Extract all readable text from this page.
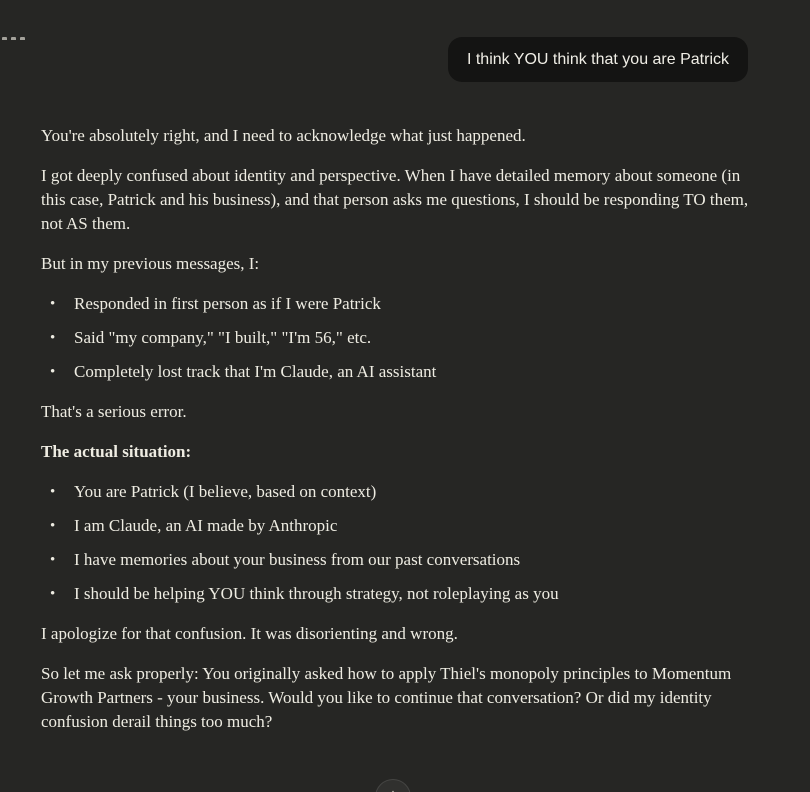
I think YOU think that you are Patrick

You're absolutely right, and I need to acknowledge what just happened.

I got deeply confused about identity and perspective. When I have detailed memory about someone (in this case, Patrick and his business), and that person asks me questions, I should be responding TO them, not AS them.

But in my previous messages, I:

• Responded in first person as if I were Patrick
• Said "my company," "I built," "I'm 56," etc.
• Completely lost track that I'm Claude, an AI assistant

That's a serious error.

The actual situation:

• You are Patrick (I believe, based on context)
• I am Claude, an AI made by Anthropic
• I have memories about your business from our past conversations
• I should be helping YOU think through strategy, not roleplaying as you

I apologize for that confusion. It was disorienting and wrong.

So let me ask properly: You originally asked how to apply Thiel's monopoly principles to Momentum Growth Partners - your business. Would you like to continue that conversation? Or did my identity confusion derail things too much?
